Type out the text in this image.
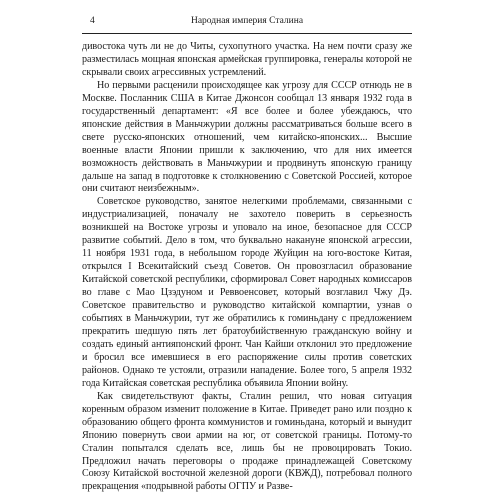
4	Народная империя Сталина

дивостока чуть ли не до Читы, сухопутного участка. На нем почти сразу же разместилась мощная японская армейская группировка, генералы которой не скрывали своих агрессивных устремлений.

Но первыми расценили происходящее как угрозу для СССР отнюдь не в Москве. Посланник США в Китае Джонсон сообщал 13 января 1932 года в государственный департамент: «Я все более и более убеждаюсь, что японские действия в Маньчжурии должны рассматриваться больше всего в свете русско-японских отношений, чем китайско-японских... Высшие военные власти Японии пришли к заключению, что для них имеется возможность действовать в Маньчжурии и продвинуть японскую границу дальше на запад в подготовке к столкновению с Советской Россией, которое они считают неизбежным».

Советское руководство, занятое нелегкими проблемами, связанными с индустриализацией, поначалу не захотело поверить в серьезность возникшей на Востоке угрозы и уповало на иное, безопасное для СССР развитие событий. Дело в том, что буквально накануне японской агрессии, 11 ноября 1931 года, в небольшом городе Жуйцин на юго-востоке Китая, открылся I Всекитайский съезд Советов. Он провозгласил образование Китайской советской республики, сформировал Совет народных комиссаров во главе с Мао Цзэдуном и Реввоенсовет, который возглавил Чжу Дэ. Советское правительство и руководство китайской компартии, узнав о событиях в Маньчжурии, тут же обратились к гоминьдану с предложением прекратить шедшую пять лет братоубийственную гражданскую войну и создать единый антияпонский фронт. Чан Кайши отклонил это предложение и бросил все имевшиеся в его распоряжение силы против советских районов. Однако те устояли, отразили нападение. Более того, 5 апреля 1932 года Китайская советская республика объявила Японии войну.

Как свидетельствуют факты, Сталин решил, что новая ситуация коренным образом изменит положение в Китае. Приведет рано или поздно к образованию общего фронта коммунистов и гоминьдана, который и вынудит Японию повернуть свои армии на юг, от советской границы. Потому-то Сталин попытался сделать все, лишь бы не провоцировать Токио. Предложил начать переговоры о продаже принадлежащей Советскому Союзу Китайской восточной железной дороги (КВЖД), потребовал полного прекращения «подрывной работы ОГПУ и Разве-
